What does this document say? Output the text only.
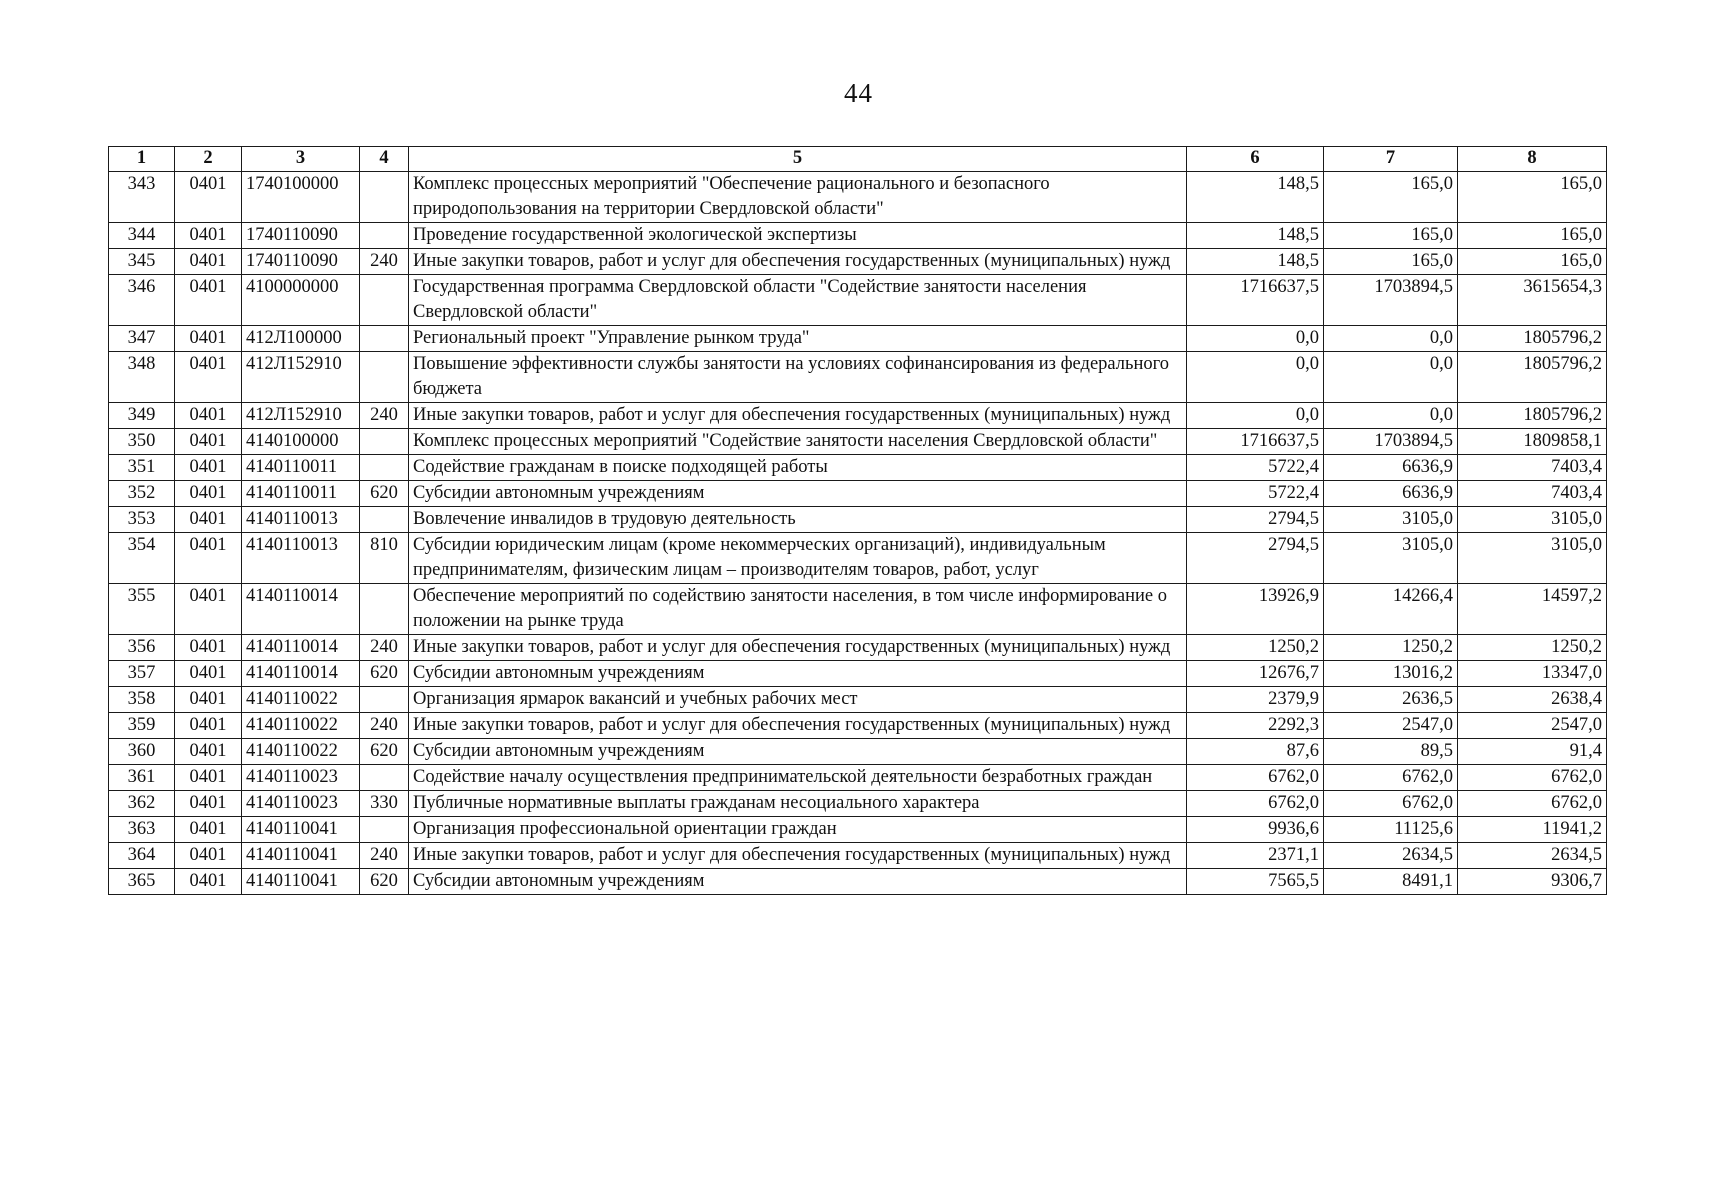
44
1	2	3	4	5	6	7	8
343	0401	1740100000		Комплекс процессных мероприятий "Обеспечение рационального и безопасного природопользования на территории Свердловской области"	148,5	165,0	165,0
344	0401	1740110090		Проведение государственной экологической экспертизы	148,5	165,0	165,0
345	0401	1740110090	240	Иные закупки товаров, работ и услуг для обеспечения государственных (муниципальных) нужд	148,5	165,0	165,0
346	0401	4100000000		Государственная программа Свердловской области "Содействие занятости населения Свердловской области"	1716637,5	1703894,5	3615654,3
347	0401	412Л100000		Региональный проект "Управление рынком труда"	0,0	0,0	1805796,2
348	0401	412Л152910		Повышение эффективности службы занятости на условиях софинансирования из федерального бюджета	0,0	0,0	1805796,2
349	0401	412Л152910	240	Иные закупки товаров, работ и услуг для обеспечения государственных (муниципальных) нужд	0,0	0,0	1805796,2
350	0401	4140100000		Комплекс процессных мероприятий "Содействие занятости населения Свердловской области"	1716637,5	1703894,5	1809858,1
351	0401	4140110011		Содействие гражданам в поиске подходящей работы	5722,4	6636,9	7403,4
352	0401	4140110011	620	Субсидии автономным учреждениям	5722,4	6636,9	7403,4
353	0401	4140110013		Вовлечение инвалидов в трудовую деятельность	2794,5	3105,0	3105,0
354	0401	4140110013	810	Субсидии юридическим лицам (кроме некоммерческих организаций), индивидуальным предпринимателям, физическим лицам – производителям товаров, работ, услуг	2794,5	3105,0	3105,0
355	0401	4140110014		Обеспечение мероприятий по содействию занятости населения, в том числе информирование о положении на рынке труда	13926,9	14266,4	14597,2
356	0401	4140110014	240	Иные закупки товаров, работ и услуг для обеспечения государственных (муниципальных) нужд	1250,2	1250,2	1250,2
357	0401	4140110014	620	Субсидии автономным учреждениям	12676,7	13016,2	13347,0
358	0401	4140110022		Организация ярмарок вакансий и учебных рабочих мест	2379,9	2636,5	2638,4
359	0401	4140110022	240	Иные закупки товаров, работ и услуг для обеспечения государственных (муниципальных) нужд	2292,3	2547,0	2547,0
360	0401	4140110022	620	Субсидии автономным учреждениям	87,6	89,5	91,4
361	0401	4140110023		Содействие началу осуществления предпринимательской деятельности безработных граждан	6762,0	6762,0	6762,0
362	0401	4140110023	330	Публичные нормативные выплаты гражданам несоциального характера	6762,0	6762,0	6762,0
363	0401	4140110041		Организация профессиональной ориентации граждан	9936,6	11125,6	11941,2
364	0401	4140110041	240	Иные закупки товаров, работ и услуг для обеспечения государственных (муниципальных) нужд	2371,1	2634,5	2634,5
365	0401	4140110041	620	Субсидии автономным учреждениям	7565,5	8491,1	9306,7
